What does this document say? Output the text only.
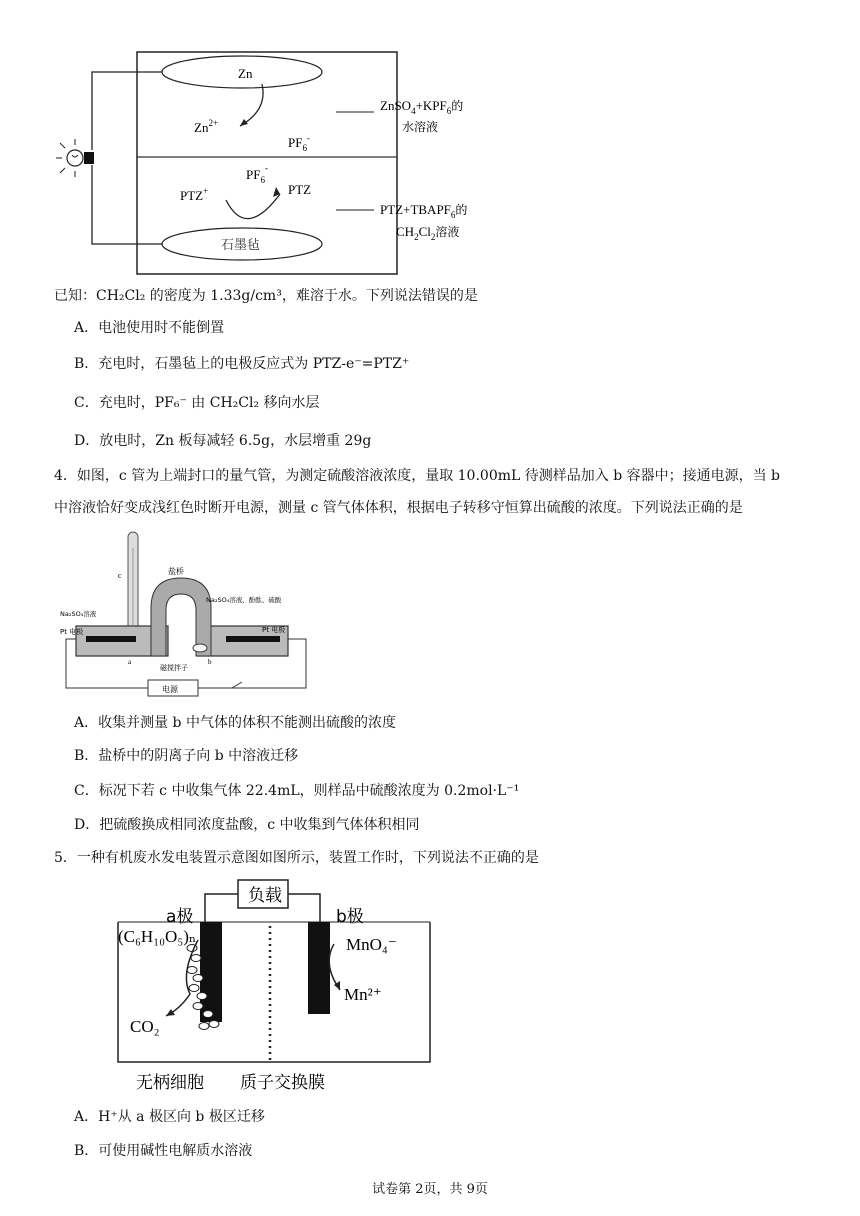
Zn
$Zn^{2+}$
$PF_6^-$
$ZnSO_4+KPF_6$的
水溶液
$PF_6^-$
PTZ+	PTZ
$PTZ+TBAPF_6$的
$CH_2Cl_2$溶液
石墨毡
已知：CH₂Cl₂ 的密度为 1.33g/cm³，难溶于水。下列说法错误的是
A．电池使用时不能倒置
B．充电时，石墨毡上的电极反应式为 PTZ-e⁻=PTZ⁺
C．充电时，PF₆⁻ 由 CH₂Cl₂ 移向水层
D．放电时，Zn 板每减轻 6.5g，水层增重 29g
4．如图，c 管为上端封口的量气管，为测定硫酸溶液浓度，量取 10.00mL 待测样品加入 b 容器中；接通电源，当 b
中溶液恰好变成浅红色时断开电源，测量 c 管气体体积，根据电子转移守恒算出硫酸的浓度。下列说法正确的是
c	盐桥
Na₂SO₄溶液
Na₂SO₄溶液、酚酞、硫酸
Pt 电极	Pt 电极
a	b
磁搅拌子
电源
A．收集并测量 b 中气体的体积不能测出硫酸的浓度
B．盐桥中的阴离子向 b 中溶液迁移
C．标况下若 c 中收集气体 22.4mL，则样品中硫酸浓度为 0.2mol·L⁻¹
D．把硫酸换成相同浓度盐酸，c 中收集到气体体积相同
5．一种有机废水发电装置示意图如图所示，装置工作时，下列说法不正确的是
负载
a极	b极
(C₆H₁₀O₅)ₙ
CO₂
MnO₄⁻
Mn²⁺
无柄细胞 质子交换膜
A．H⁺从 a 极区向 b 极区迁移
B．可使用碱性电解质水溶液
试卷第 2页，共 9页
